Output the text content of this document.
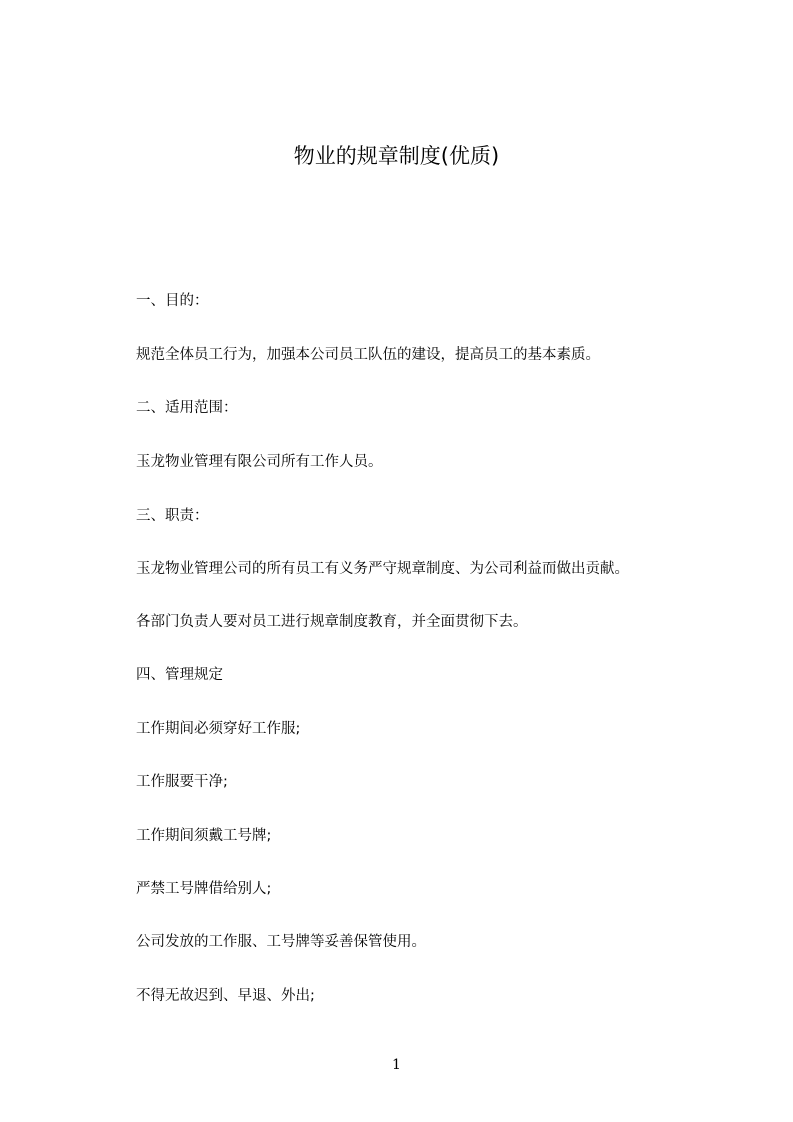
物业的规章制度(优质)
一、目的：
规范全体员工行为，加强本公司员工队伍的建设，提高员工的基本素质。
二、适用范围：
玉龙物业管理有限公司所有工作人员。
三、职责：
玉龙物业管理公司的所有员工有义务严守规章制度、为公司利益而做出贡献。
各部门负责人要对员工进行规章制度教育，并全面贯彻下去。
四、管理规定
工作期间必须穿好工作服;
工作服要干净;
工作期间须戴工号牌;
严禁工号牌借给别人;
公司发放的工作服、工号牌等妥善保管使用。
不得无故迟到、早退、外出;
1
